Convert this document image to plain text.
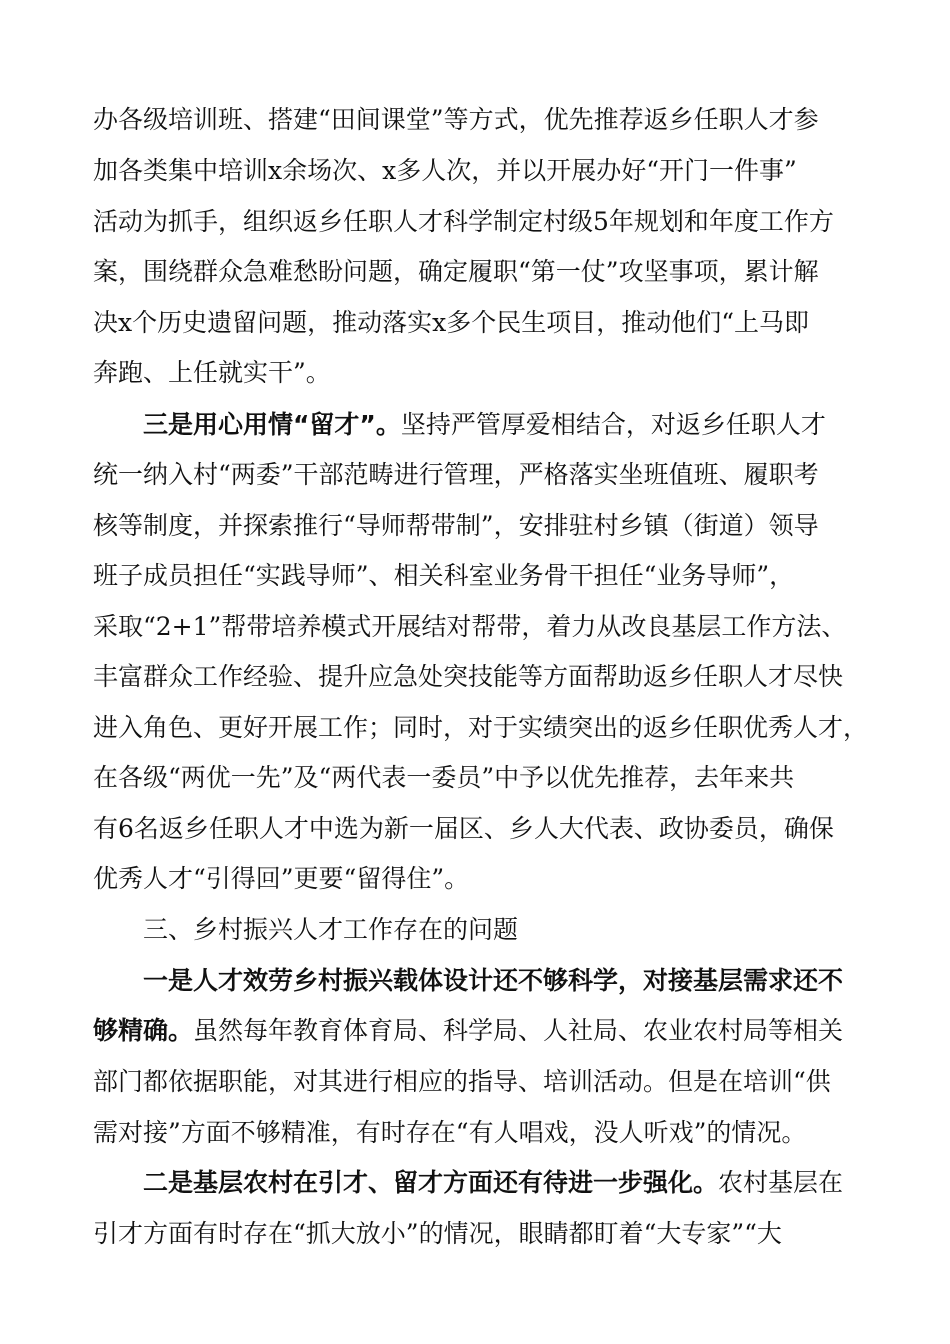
办各级培训班、搭建“田间课堂”等方式，优先推荐返乡任职人才参
加各类集中培训x余场次、x多人次，并以开展办好“开门一件事”
活动为抓手，组织返乡任职人才科学制定村级5年规划和年度工作方
案，围绕群众急难愁盼问题，确定履职“第一仗”攻坚事项，累计解
决x个历史遗留问题，推动落实x多个民生项目，推动他们“上马即
奔跑、上任就实干”。
三是用心用情“留才”。坚持严管厚爱相结合，对返乡任职人才
统一纳入村“两委”干部范畴进行管理，严格落实坐班值班、履职考
核等制度，并探索推行“导师帮带制”，安排驻村乡镇（街道）领导
班子成员担任“实践导师”、相关科室业务骨干担任“业务导师”，
采取“2+1”帮带培养模式开展结对帮带，着力从改良基层工作方法、
丰富群众工作经验、提升应急处突技能等方面帮助返乡任职人才尽快
进入角色、更好开展工作；同时，对于实绩突出的返乡任职优秀人才，
在各级“两优一先”及“两代表一委员”中予以优先推荐，去年来共
有6名返乡任职人才中选为新一届区、乡人大代表、政协委员，确保
优秀人才“引得回”更要“留得住”。
三、乡村振兴人才工作存在的问题
一是人才效劳乡村振兴载体设计还不够科学，对接基层需求还不
够精确。虽然每年教育体育局、科学局、人社局、农业农村局等相关
部门都依据职能，对其进行相应的指导、培训活动。但是在培训“供
需对接”方面不够精准，有时存在“有人唱戏，没人听戏”的情况。
二是基层农村在引才、留才方面还有待进一步强化。农村基层在
引才方面有时存在“抓大放小”的情况，眼睛都盯着“大专家”“大
